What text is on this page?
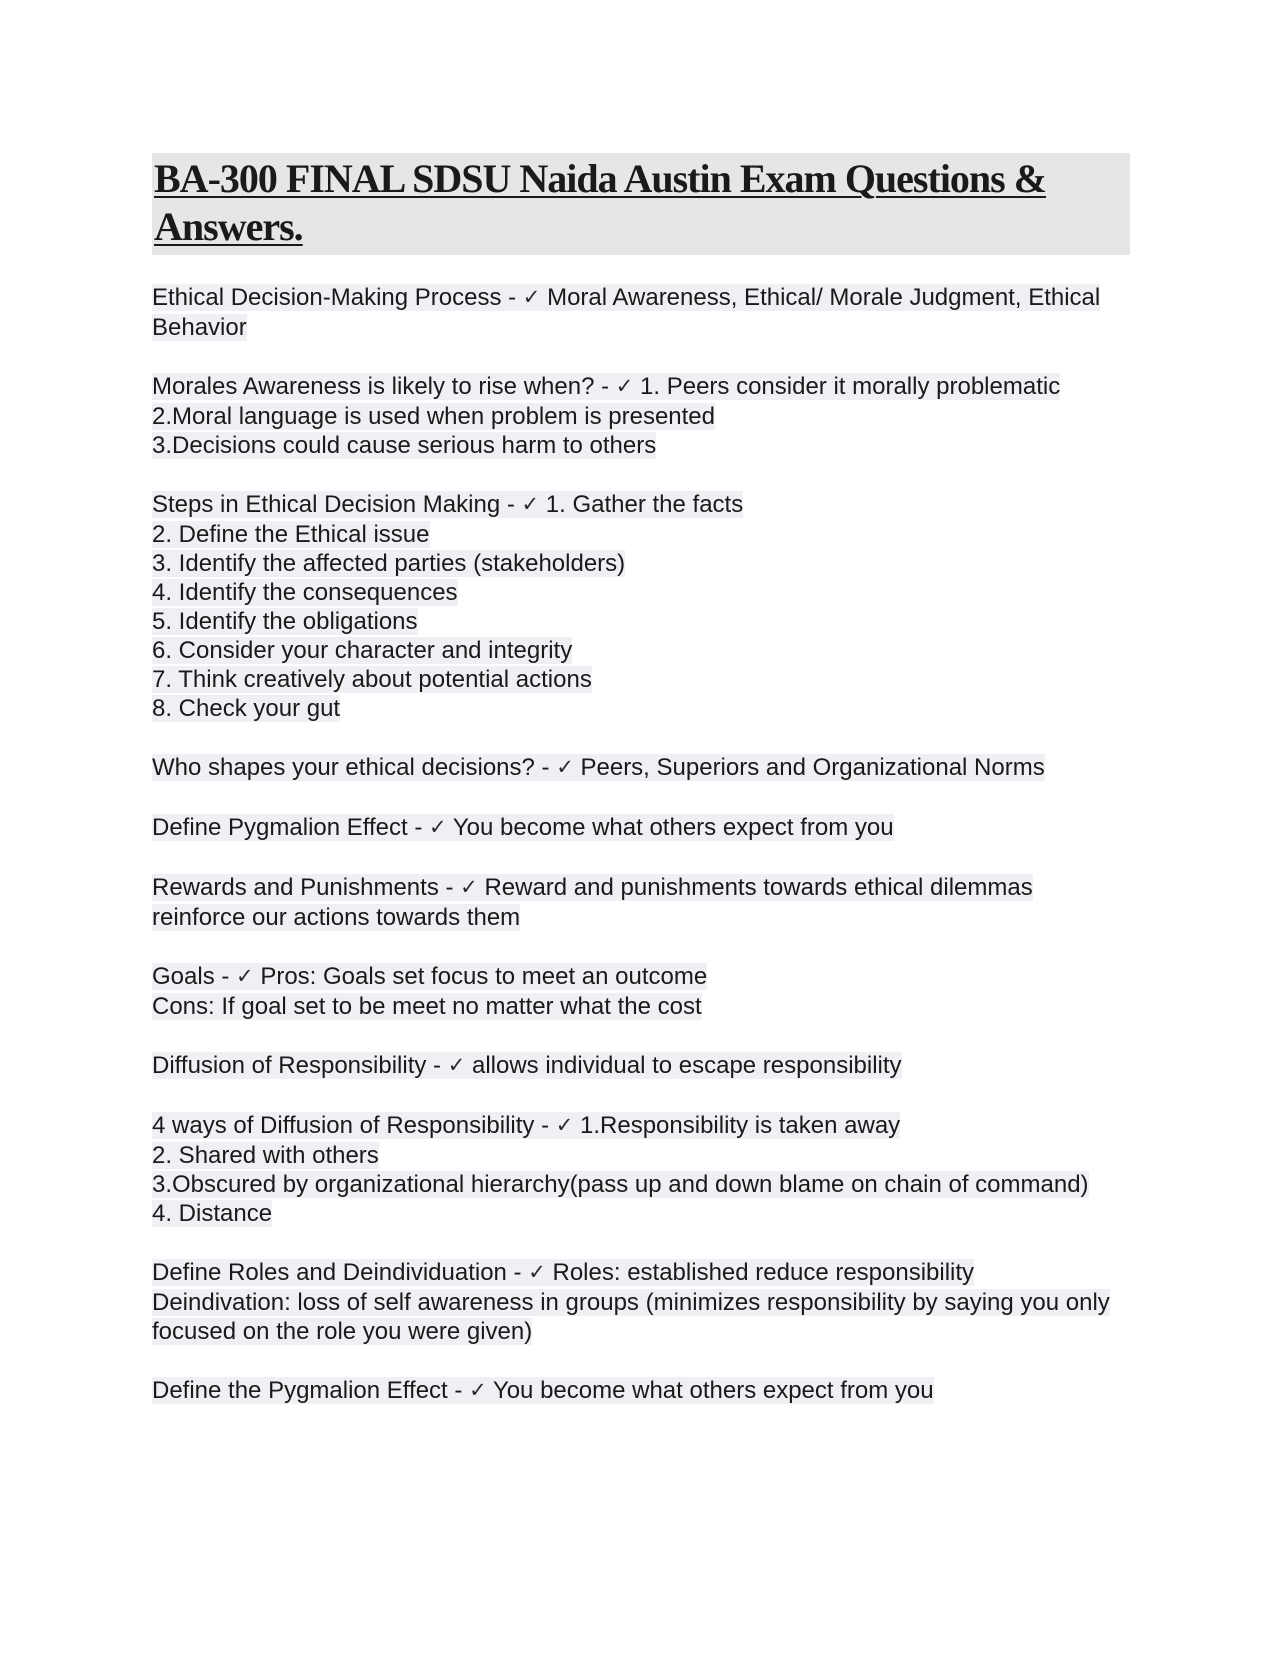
BA-300 FINAL SDSU Naida Austin Exam Questions & Answers.
Ethical Decision-Making Process - ✓ Moral Awareness, Ethical/ Morale Judgment, Ethical Behavior
Morales Awareness is likely to rise when? - ✓ 1. Peers consider it morally problematic
2.Moral language is used when problem is presented
3.Decisions could cause serious harm to others
Steps in Ethical Decision Making - ✓ 1. Gather the facts
2. Define the Ethical issue
3. Identify the affected parties (stakeholders)
4. Identify the consequences
5. Identify the obligations
6. Consider your character and integrity
7. Think creatively about potential actions
8. Check your gut
Who shapes your ethical decisions? - ✓ Peers, Superiors and Organizational Norms
Define Pygmalion Effect - ✓ You become what others expect from you
Rewards and Punishments - ✓ Reward and punishments towards ethical dilemmas reinforce our actions towards them
Goals - ✓ Pros: Goals set focus to meet an outcome
Cons: If goal set to be meet no matter what the cost
Diffusion of Responsibility - ✓ allows individual to escape responsibility
4 ways of Diffusion of Responsibility - ✓ 1.Responsibility is taken away
2. Shared with others
3.Obscured by organizational hierarchy(pass up and down blame on chain of command)
4. Distance
Define Roles and Deindividuation - ✓ Roles: established reduce responsibility
Deindivation: loss of self awareness in groups (minimizes responsibility by saying you only focused on the role you were given)
Define the Pygmalion Effect - ✓ You become what others expect from you
